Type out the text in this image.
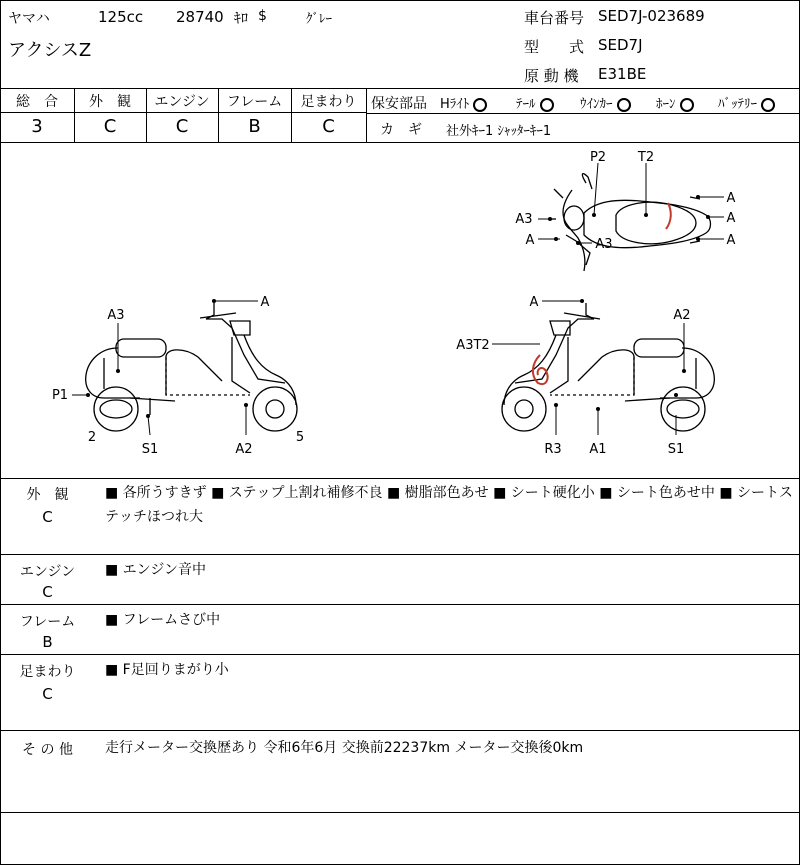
ヤマハ	125cc 28740 ｷﾛ $	ｸﾞﾚｰ
アクシスZ
車台番号 SED7J-023689
型　　式 SED7J
原 動 機 E31BE
総　合	外　観	エンジン	フレーム	足まわり
3	C	C	B	C
保安部品 Hﾗｲﾄ	ﾃｰﾙ	ｳｲﾝｶｰ	ﾎｰﾝ	ﾊﾞｯﾃﾘｰ
カ　ギ 社外ｷｰ1 ｼｬｯﾀｰｷｰ1
P2 T2
A3
A	A3
A
A
A
A
A3
P1
2
S1	A2
5
A
A3T2
A2
R3 A1	S1
外　観
C
■ 各所うすきず ■ ステップ上割れ補修不良 ■ 樹脂部色あせ ■ シート硬化小 ■ シート色あせ中 ■ シートステッチほつれ大
エンジン
C
■ エンジン音中
フレーム
B
■ フレームさび中
足まわり
C
■ F足回りまがり小
そ の 他	走行メーター交換歴あり 令和6年6月 交換前22237km メーター交換後0km
